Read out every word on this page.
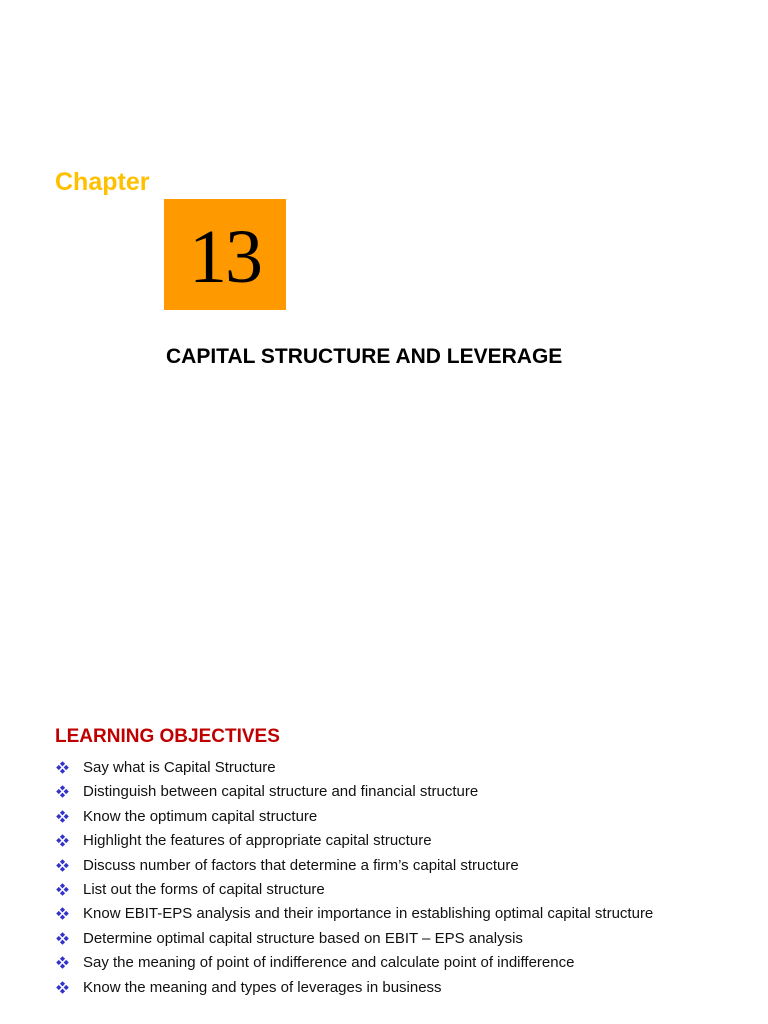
Chapter
13
CAPITAL STRUCTURE AND LEVERAGE
LEARNING OBJECTIVES
Say what is Capital Structure
Distinguish between capital structure and financial structure
Know the optimum capital structure
Highlight the features of appropriate capital structure
Discuss number of factors that determine a firm’s capital structure
List out the forms of capital structure
Know EBIT-EPS analysis and their importance in establishing optimal capital structure
Determine optimal capital structure based on EBIT – EPS analysis
Say the meaning of point of indifference and calculate point of indifference
Know the meaning and types of leverages in business
